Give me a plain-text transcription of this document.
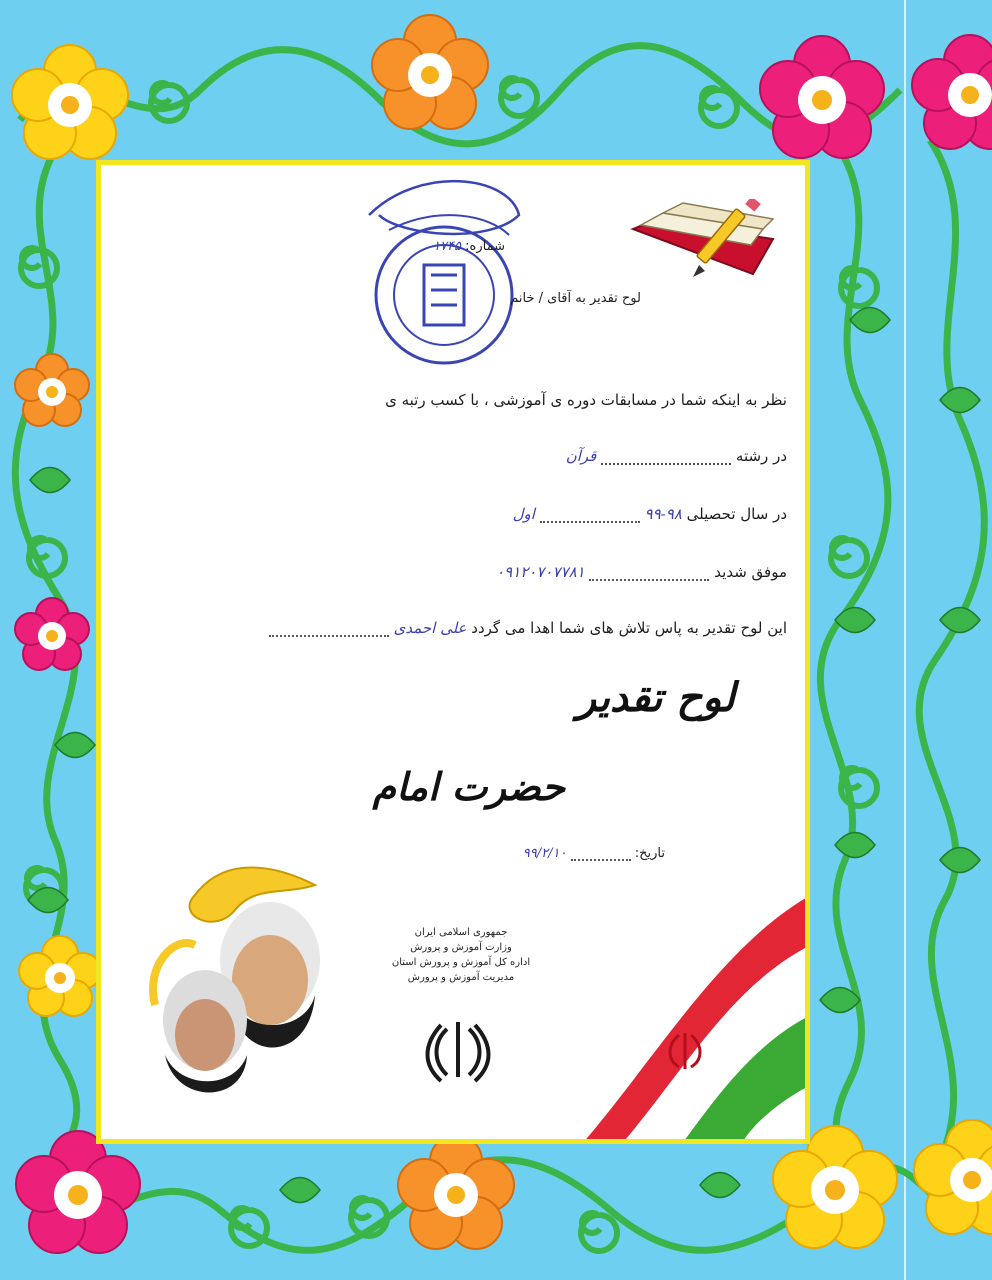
شماره: ۱۷۴۵
لوح تقدیر به آقای / خانم
نظر به اینکه شما در مسابقات دوره ی آموزشی ، با کسب رتبه ی
در رشته  قرآن
در سال تحصیلی ۹۸-۹۹  اول
موفق شدید  ۰۹۱۲۰۷۰۷۷۸۱
این لوح تقدیر به پاس تلاش های شما اهدا می گردد علی احمدی
لوح تقدیر
حضرت امام
تاریخ:  ۹۹/۲/۱۰
جمهوری اسلامی ایران
وزارت آموزش و پرورش
اداره کل آموزش و پرورش استان
مدیریت آموزش و پرورش
